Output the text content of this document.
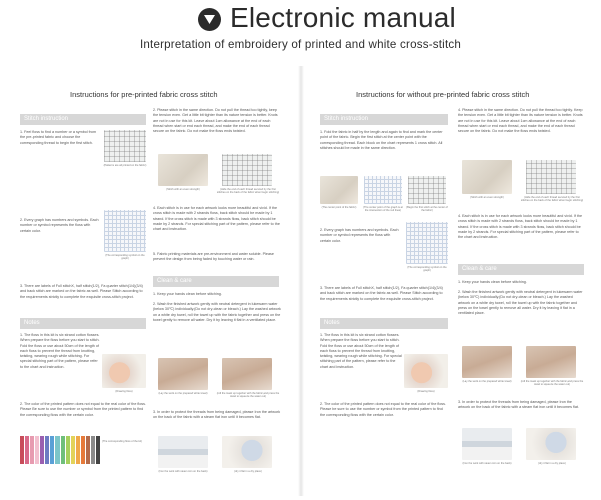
Electronic manual
Interpretation of embroidery of printed and white cross-stitch
Instructions for pre-printed fabric cross stitch
Stitch instruction
1. Feel floss to find a number or a symbol from the pre-printed fabric and choose the corresponding thread to begin the first stitch.
(Patterns are all printed on the fabric)
2. Every graph has numbers and symbols. Each number or symbol represents the floss with certain color.
(The corresponding symbol on the graph)
3. There are labels of Full stitchX, half stitch(1/2), Fa quarter stitch(1/4)(3/4) and back stitch are marked on the fabric as well. Please Stitch according to the requirements strictly to complete the exquisite cross-stitch project.
Notes
1. The floss in this kit is six strand cotton flosses. When prepare the floss before you start to stitch. Fold the floss or use about 50cm of the length of each floss to prevent the thread from knotting, twisting, wearing rough while stitching. For special stitching part of the pattern, please refer to the chart and instruction.
(Drawing floss)
2. The color of the printed pattern does not equal to the real color of the floss. Please Be sure to use the number or symbol from the printed pattern to find the corresponding floss with the certain color.
(The corresponding floss of the kit)
2. Please stitch in the same direction. Do not pull the thread too tightly, keep the tension even. Get a little bit tighter than its nature tension is better. Knots are not in use for this kit. Leave about 1cm allowance at the end of each thread when start or end each thread, and make the end of each thread secure on the fabric. Do not make the floss ends twisted.
(Stitch with an even strength)	(Hide the end of each thread secured by the first stitches on the back of the fabric when begin stitching)
4. Each stitch is in use for each artwork looks more beautiful and vivid. If the cross stitch is made with 2 strands floss, back stitch should be made by 1 strand. If the cross stitch is made with 3 strands floss, back stitch should be made by 2 strands. For special stitching part of the pattern, please refer to the chart and instruction.
5. Fabric printing materials are pre-environment and water soluble. Please prevent the design from being faded by touching water or rain.
Clean & care
1. Keep your hands clean before stitching.
2. Wash the finished artwork gently with neutral detergent in lukewarm water (below 30℃) individually.(Do not dry-clean or bleach.) Lay the washed artwork on a white dry towel, roll the towel up with the fabric together and press on the towel gently to remove all water. Dry it by leaving it flat in a ventilated place.
(Lay the work on the prepared white towel)	(roll the towel up together with the fabric,and press the towel to squeeze the water out)
3. In order to protect the threads from being damaged, please Iron the artwork on the back of the fabric with a steam flat iron until it becomes flat.
(Iron the work with steam iron on the back)	(dry it flat in a dry place)
Instructions for without pre-printed fabric cross stitch
Stitch instruction
1. Fold the fabric in half by the length and again to find and mark the center point of the fabric. Begin the first stitch at the center point with the corresponding thread. Each block on the chart represents 1 cross stitch. All stitches should be made in the same direction.
(The center point of the fabric)	(The center point of the graph is at the intersection of the red lines)
(Begin the first stitch at the center of the fabric)
2. Every graph has numbers and symbols. Each number or symbol represents the floss with certain color.
(The corresponding symbol on the graph)
3. There are labels of Full stitchX, half stitch(1/2), Fa quarter stitch(1/4)(3/4) and back stitch are marked on the fabric as well. Please Stitch according to the requirements strictly to complete the exquisite cross-stitch project.
Notes
1. The floss in this kit is six strand cotton flosses. When prepare the floss before you start to stitch. Fold the floss or use about 50cm of the length of each floss to prevent the thread from knotting, twisting, wearing rough while stitching. For special stitching part of the pattern, please refer to the chart and instruction.
(Drawing floss)
2. The color of the printed pattern does not equal to the real color of the floss. Please be sure to use the number or symbol from the printed pattern to find the corresponding floss with the certain color.
4. Please stitch in the same direction. Do not pull the thread too tightly. Keep the tension even. Get a little bit tighter than its nature tension is better. Knots are not in use for this kit. Leave about 1cm allowance at the end of each thread when start or end each thread, and make the end of each thread secure on the fabric. Do not make the floss ends twisted.
(Stitch with an even strength)	(Hide the end of each thread secured by the first stitches on the back of the fabric when begin stitching)
4. Each stitch is in use for each artwork looks more beautiful and vivid. If the cross stitch is made with 2 strands floss, back stitch should be made by 1 strand. If the cross stitch is made with 3 strands floss, back stitch should be made by 2 strands. For special stitching part of the pattern, please refer to the chart and instruction.
Clean & care
1. Keep your hands clean before stitching.
2. Wash the finished artwork gently with neutral detergent in lukewarm water (below 30℃) individually.(Do not dry-clean or bleach.) Lay the washed artwork on a white dry towel, roll the towel up with the fabric together and press on the towel gently to remove all water. Dry it by leaving it flat in a ventilated place.
(Lay the work on the prepared white towel)	(roll the towel up together with the fabric,and press the towel to squeeze the water out)
3. In order to protect the threads from being damaged, please Iron the artwork on the back of the fabric with a steam flat iron until it becomes flat.
(Iron the work with steam iron on the back)	(dry it flat in a dry place)
